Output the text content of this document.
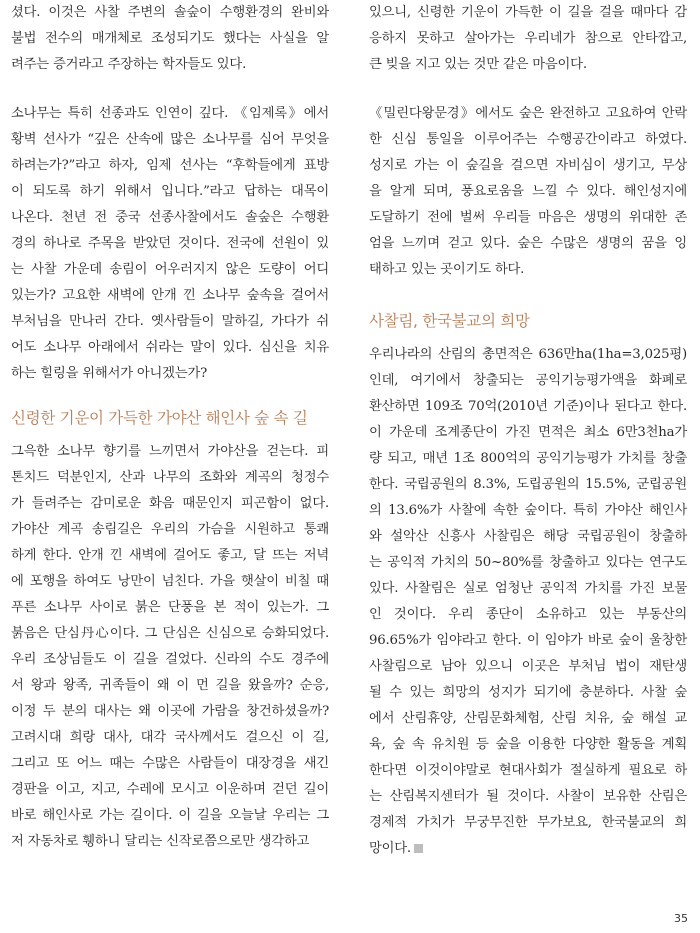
셨다. 이것은 사찰 주변의 솔숲이 수행환경의 완비와
불법 전수의 매개체로 조성되기도 했다는 사실을 알
려주는 증거라고 주장하는 학자들도 있다.

소나무는 특히 선종과도 인연이 깊다. 《임제록》에서
황벽 선사가 “깊은 산속에 많은 소나무를 심어 무엇을
하려는가?”라고 하자, 임제 선사는 “후학들에게 표방
이 되도록 하기 위해서 입니다.”라고 답하는 대목이
나온다. 천년 전 중국 선종사찰에서도 솔숲은 수행환
경의 하나로 주목을 받았던 것이다. 전국에 선원이 있
는 사찰 가운데 송림이 어우러지지 않은 도량이 어디
있는가? 고요한 새벽에 안개 낀 소나무 숲속을 걸어서
부처님을 만나러 간다. 옛사람들이 말하길, 가다가 쉬
어도 소나무 아래에서 쉬라는 말이 있다. 심신을 치유
하는 힐링을 위해서가 아니겠는가?

신령한 기운이 가득한 가야산 해인사 숲 속 길

그윽한 소나무 향기를 느끼면서 가야산을 걷는다. 피
톤치드 덕분인지, 산과 나무의 조화와 계곡의 청정수
가 들려주는 감미로운 화음 때문인지 피곤함이 없다.
가야산 계곡 송림길은 우리의 가슴을 시원하고 통쾌
하게 한다. 안개 낀 새벽에 걸어도 좋고, 달 뜨는 저녁
에 포행을 하여도 낭만이 넘친다. 가을 햇살이 비칠 때
푸른 소나무 사이로 붉은 단풍을 본 적이 있는가. 그
붉음은 단심丹心이다. 그 단심은 신심으로 승화되었다.
우리 조상님들도 이 길을 걸었다. 신라의 수도 경주에
서 왕과 왕족, 귀족들이 왜 이 먼 길을 왔을까? 순응,
이정 두 분의 대사는 왜 이곳에 가람을 창건하셨을까?
고려시대 희랑 대사, 대각 국사께서도 걸으신 이 길,
그리고 또 어느 때는 수많은 사람들이 대장경을 새긴
경판을 이고, 지고, 수레에 모시고 이운하며 걷던 길이
바로 해인사로 가는 길이다. 이 길을 오늘날 우리는 그
저 자동차로 휑하니 달리는 신작로쯤으로만 생각하고

있으니, 신령한 기운이 가득한 이 길을 걸을 때마다 감
응하지 못하고 살아가는 우리네가 참으로 안타깝고,
큰 빚을 지고 있는 것만 같은 마음이다.

《밀린다왕문경》에서도 숲은 완전하고 고요하여 안락
한 신심 통일을 이루어주는 수행공간이라고 하였다.
성지로 가는 이 숲길을 걸으면 자비심이 생기고, 무상
을 알게 되며, 풍요로움을 느낄 수 있다. 해인성지에
도달하기 전에 벌써 우리들 마음은 생명의 위대한 존
엄을 느끼며 걷고 있다. 숲은 수많은 생명의 꿈을 잉
태하고 있는 곳이기도 하다.

사찰림, 한국불교의 희망

우리나라의 산림의 총면적은 636만ha(1ha=3,025평)
인데, 여기에서 창출되는 공익기능평가액을 화폐로
환산하면 109조 70억(2010년 기준)이나 된다고 한다.
이 가운데 조계종단이 가진 면적은 최소 6만3천ha가
량 되고, 매년 1조 800억의 공익기능평가 가치를 창출
한다. 국립공원의 8.3%, 도립공원의 15.5%, 군립공원
의 13.6%가 사찰에 속한 숲이다. 특히 가야산 해인사
와 설악산 신흥사 사찰림은 해당 국립공원이 창출하
는 공익적 가치의 50~80%를 창출하고 있다는 연구도
있다. 사찰림은 실로 엄청난 공익적 가치를 가진 보물
인 것이다. 우리 종단이 소유하고 있는 부동산의
96.65%가 임야라고 한다. 이 임야가 바로 숲이 울창한
사찰림으로 남아 있으니 이곳은 부처님 법이 재탄생
될 수 있는 희망의 성지가 되기에 충분하다. 사찰 숲
에서 산림휴양, 산림문화체험, 산림 치유, 숲 해설 교
육, 숲 속 유치원 등 숲을 이용한 다양한 활동을 계획
한다면 이것이야말로 현대사회가 절실하게 필요로 하
는 산림복지센터가 될 것이다. 사찰이 보유한 산림은
경제적 가치가 무궁무진한 무가보요, 한국불교의 희
망이다.

35
